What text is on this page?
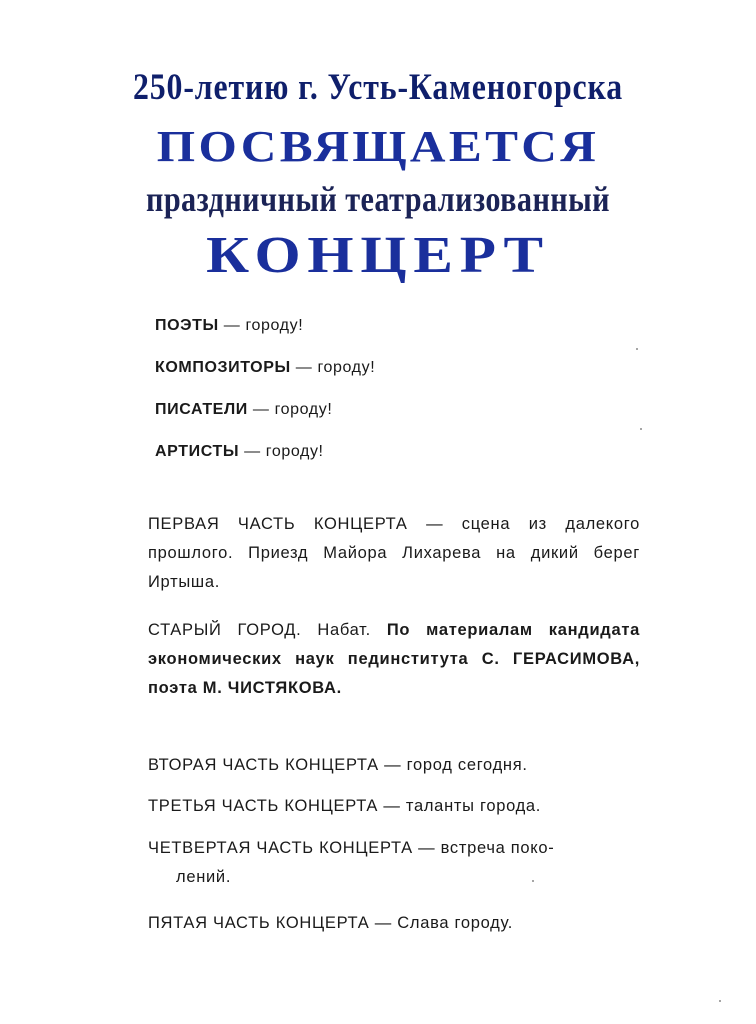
250-летию г. Усть-Каменогорска
ПОСВЯЩАЕТСЯ
праздничный театрализованный
КОНЦЕРТ
ПОЭТЫ — городу!
КОМПОЗИТОРЫ — городу!
ПИСАТЕЛИ — городу!
АРТИСТЫ — городу!
ПЕРВАЯ ЧАСТЬ КОНЦЕРТА — сцена из далекого прошлого. Приезд Майора Лихарева на дикий берег Иртыша.
СТАРЫЙ ГОРОД. Набат. По материалам кандидата экономических наук пединститута С. ГЕРАСИМОВА, поэта М. ЧИСТЯКОВА.
ВТОРАЯ ЧАСТЬ КОНЦЕРТА — город сегодня.
ТРЕТЬЯ ЧАСТЬ КОНЦЕРТА — таланты города.
ЧЕТВЕРТАЯ ЧАСТЬ КОНЦЕРТА — встреча поко-
лений.
ПЯТАЯ ЧАСТЬ КОНЦЕРТА — Слава городу.
